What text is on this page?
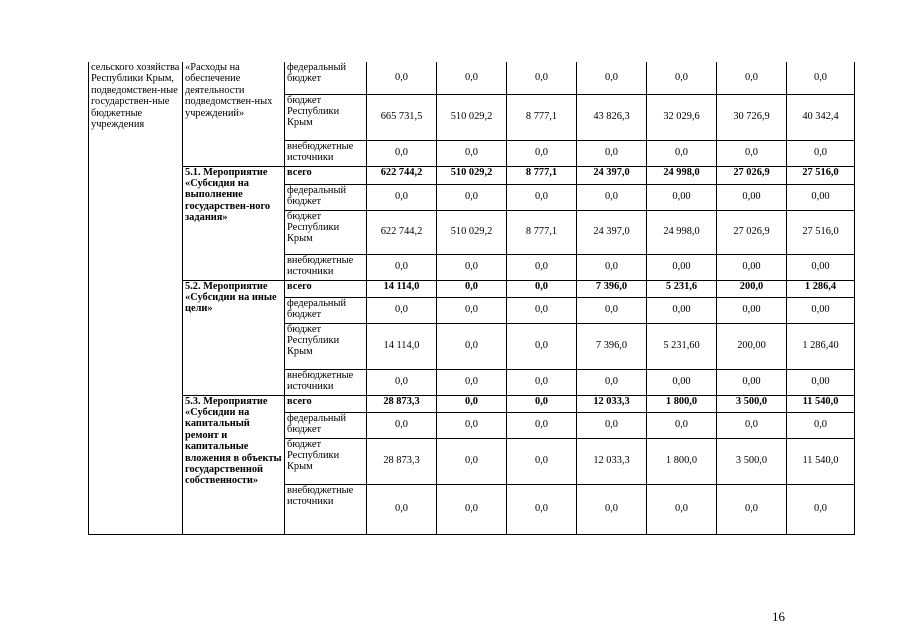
сельского хозяйства Республики Крым, подведомствен-ные государствен-ные бюджетные учреждения	«Расходы на обеспечение деятельности подведомствен-ных учреждений»	федеральный бюджет	0,0	0,0	0,0	0,0	0,0	0,0	0,0
		бюджет Республики Крым	665 731,5	510 029,2	8 777,1	43 826,3	32 029,6	30 726,9	40 342,4
		внебюджетные источники	0,0	0,0	0,0	0,0	0,0	0,0	0,0
	5.1. Мероприятие «Субсидия на выполнение государствен-ного задания»	всего	622 744,2	510 029,2	8 777,1	24 397,0	24 998,0	27 026,9	27 516,0
		федеральный бюджет	0,0	0,0	0,0	0,0	0,00	0,00	0,00
		бюджет Республики Крым	622 744,2	510 029,2	8 777,1	24 397,0	24 998,0	27 026,9	27 516,0
		внебюджетные источники	0,0	0,0	0,0	0,0	0,00	0,00	0,00
	5.2. Мероприятие «Субсидии на иные цели»	всего	14 114,0	0,0	0,0	7 396,0	5 231,6	200,0	1 286,4
		федеральный бюджет	0,0	0,0	0,0	0,0	0,00	0,00	0,00
		бюджет Республики Крым	14 114,0	0,0	0,0	7 396,0	5 231,60	200,00	1 286,40
		внебюджетные источники	0,0	0,0	0,0	0,0	0,00	0,00	0,00
	5.3. Мероприятие «Субсидии на капитальный ремонт и капитальные вложения в объекты государственной собственности»	всего	28 873,3	0,0	0,0	12 033,3	1 800,0	3 500,0	11 540,0
		федеральный бюджет	0,0	0,0	0,0	0,0	0,0	0,0	0,0
		бюджет Республики Крым	28 873,3	0,0	0,0	12 033,3	1 800,0	3 500,0	11 540,0
		внебюджетные источники	0,0	0,0	0,0	0,0	0,0	0,0	0,0
16
